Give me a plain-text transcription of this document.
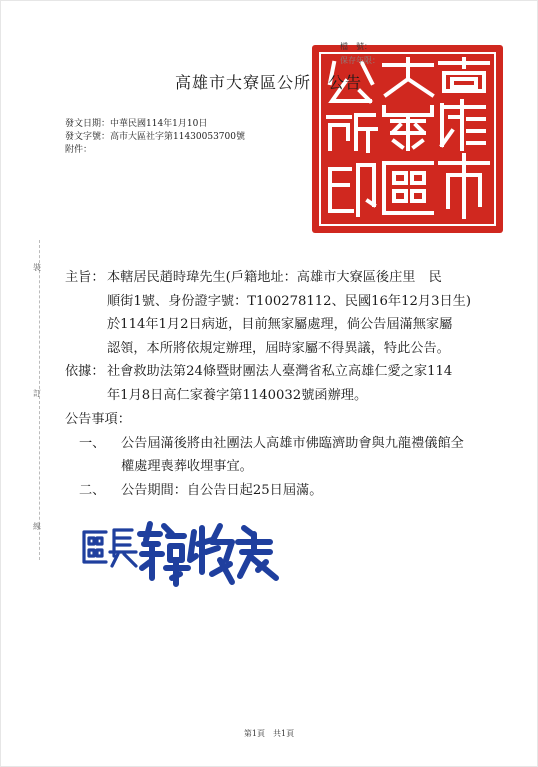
檔　號：
保存年限：
高雄市大寮區公所　公告
發文日期：中華民國114年1月10日
發文字號：高市大區社字第11430053700號
附件：
裝
訂
線
主旨： 本轄居民趙時瑋先生(戶籍地址：高雄市大寮區後庄里　民
順街1號、身份證字號：T100278112、民國16年12月3日生)
於114年1月2日病逝，目前無家屬處理，倘公告屆滿無家屬
認領，本所將依規定辦理，屆時家屬不得異議，特此公告。
依據： 社會救助法第24條暨財團法人臺灣省私立高雄仁愛之家114
年1月8日高仁家養字第1140032號函辦理。
公告事項：
一、	公告屆滿後將由社團法人高雄市佛臨濟助會與九龍禮儀館全
權處理喪葬收埋事宜。
二、	公告期間：自公告日起25日屆滿。
第1頁　共1頁
